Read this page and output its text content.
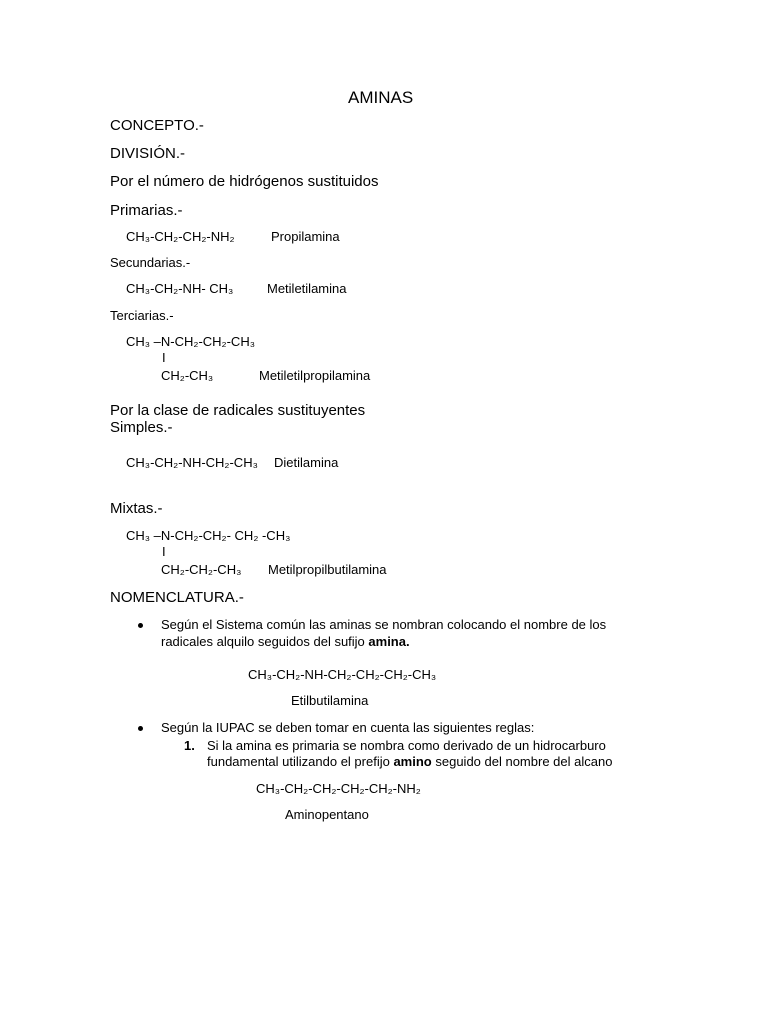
AMINAS
CONCEPTO.-
DIVISIÓN.-
Por el número de hidrógenos sustituidos
Primarias.-
CH₃-CH₂-CH₂-NH₂	Propilamina
Secundarias.-
CH₃-CH₂-NH- CH₃	Metiletilamina
Terciarias.-
CH₃ –N-CH₂-CH₂-CH₃
I
CH₂-CH₃	Metiletilpropilamina
Por la clase de radicales sustituyentes
Simples.-
CH₃-CH₂-NH-CH₂-CH₃ Dietilamina
Mixtas.-
CH₃ –N-CH₂-CH₂- CH₂ -CH₃
I
CH₂-CH₂-CH₃ Metilpropilbutilamina
NOMENCLATURA.-
Según el Sistema común las aminas se nombran colocando el nombre de los
radicales alquilo seguidos del sufijo amina.
CH₃-CH₂-NH-CH₂-CH₂-CH₂-CH₃
Etilbutilamina
Según la IUPAC se deben tomar en cuenta las siguientes reglas:
1. Si la amina es primaria se nombra como derivado de un hidrocarburo
fundamental utilizando el prefijo amino seguido del nombre del alcano
CH₃-CH₂-CH₂-CH₂-CH₂-NH₂
Aminopentano
